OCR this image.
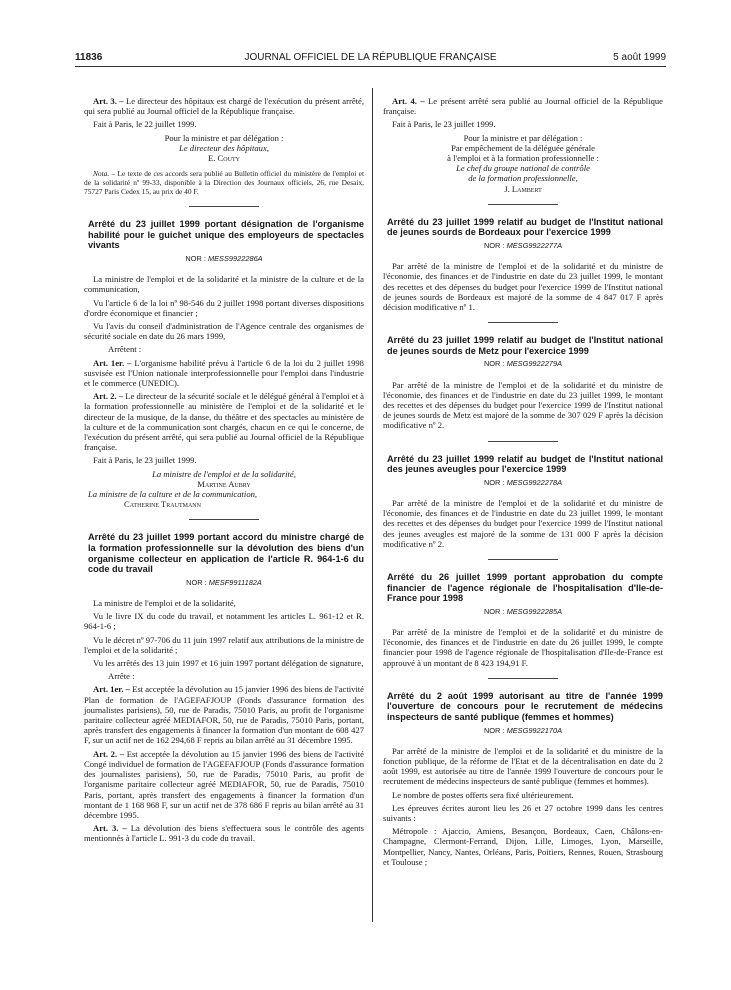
11836	JOURNAL OFFICIEL DE LA RÉPUBLIQUE FRANÇAISE	5 août 1999

Art. 3. – Le directeur des hôpitaux est chargé de l'exécution du présent arrêté, qui sera publié au Journal officiel de la République française.

Fait à Paris, le 22 juillet 1999.

Pour la ministre et par délégation :
Le directeur des hôpitaux,
E. Couty

Nota. – Le texte de ces accords sera publié au Bulletin officiel du ministère de l'emploi et de la solidarité nº 99-33, disponible à la Direction des Journaux officiels, 26, rue Desaix, 75727 Paris Cedex 15, au prix de 40 F.

Arrêté du 23 juillet 1999 portant désignation de l'organisme habilité pour le guichet unique des employeurs de spectacles vivants
NOR : MESS9922286A

La ministre de l'emploi et de la solidarité et la ministre de la culture et de la communication,

Vu l'article 6 de la loi nº 98-546 du 2 juillet 1998 portant diverses dispositions d'ordre économique et financier ;

Vu l'avis du conseil d'administration de l'Agence centrale des organismes de sécurité sociale en date du 26 mars 1999,

Arrêtent :

Art. 1er. – L'organisme habilité prévu à l'article 6 de la loi du 2 juillet 1998 susvisée est l'Union nationale interprofessionnelle pour l'emploi dans l'industrie et le commerce (UNEDIC).

Art. 2. – Le directeur de la sécurité sociale et le délégué général à l'emploi et à la formation professionnelle au ministère de l'emploi et de la solidarité et le directeur de la musique, de la danse, du théâtre et des spectacles au ministère de la culture et de la communication sont chargés, chacun en ce qui le concerne, de l'exécution du présent arrêté, qui sera publié au Journal officiel de la République française.

Fait à Paris, le 23 juillet 1999.

La ministre de l'emploi et de la solidarité,
Martine Aubry
La ministre de la culture et de la communication,
Catherine Trautmann
Arrêté du 23 juillet 1999 portant accord du ministre chargé de la formation professionnelle sur la dévolution des biens d'un organisme collecteur en application de l'article R. 964-1-6 du code du travail
NOR : MESF9911182A

La ministre de l'emploi et de la solidarité,

Vu le livre IX du code du travail, et notamment les articles L. 961-12 et R. 964-1-6 ;

Vu le décret nº 97-706 du 11 juin 1997 relatif aux attributions de la ministre de l'emploi et de la solidarité ;

Vu les arrêtés des 13 juin 1997 et 16 juin 1997 portant délégation de signature,

Arrête :

Art. 1er. – Est acceptée la dévolution au 15 janvier 1996 des biens de l'activité Plan de formation de l'AGEFAFJOUP (Fonds d'assurance formation des journalistes parisiens), 50, rue de Paradis, 75010 Paris, au profit de l'organisme paritaire collecteur agréé MEDIAFOR, 50, rue de Paradis, 75010 Paris, portant, après transfert des engagements à financer la formation d'un montant de 608 427 F, sur un actif net de 162 294,68 F repris au bilan arrêté au 31 décembre 1995.

Art. 2. – Est acceptée la dévolution au 15 janvier 1996 des biens de l'activité Congé individuel de formation de l'AGEFAFJOUP (Fonds d'assurance formation des journalistes parisiens), 50, rue de Paradis, 75010 Paris, au profit de l'organisme paritaire collecteur agréé MEDIAFOR, 50, rue de Paradis, 75010 Paris, portant, après transfert des engagements à financer la formation d'un montant de 1 168 968 F, sur un actif net de 378 686 F repris au bilan arrêté au 31 décembre 1995.

Art. 3. – La dévolution des biens s'effectuera sous le contrôle des agents mentionnés à l'article L. 991-3 du code du travail.

Art. 4. – Le présent arrêté sera publié au Journal officiel de la République française.

Fait à Paris, le 23 juillet 1999.

Pour la ministre et par délégation :
Par empêchement de la déléguée générale
à l'emploi et à la formation professionnelle :
Le chef du groupe national de contrôle
de la formation professionnelle,
J. Lambert
Arrêté du 23 juillet 1999 relatif au budget de l'Institut national de jeunes sourds de Bordeaux pour l'exercice 1999
NOR : MESG9922277A

Par arrêté de la ministre de l'emploi et de la solidarité et du ministre de l'économie, des finances et de l'industrie en date du 23 juillet 1999, le montant des recettes et des dépenses du budget pour l'exercice 1999 de l'Institut national de jeunes sourds de Bordeaux est majoré de la somme de 4 847 017 F après décision modificative nº 1.

Arrêté du 23 juillet 1999 relatif au budget de l'Institut national de jeunes sourds de Metz pour l'exercice 1999
NOR : MESG9922279A

Par arrêté de la ministre de l'emploi et de la solidarité et du ministre de l'économie, des finances et de l'industrie en date du 23 juillet 1999, le montant des recettes et des dépenses du budget pour l'exercice 1999 de l'Institut national de jeunes sourds de Metz est majoré de la somme de 307 029 F après la décision modificative nº 2.

Arrêté du 23 juillet 1999 relatif au budget de l'Institut national des jeunes aveugles pour l'exercice 1999
NOR : MESG9922278A

Par arrêté de la ministre de l'emploi et de la solidarité et du ministre de l'économie, des finances et de l'industrie en date du 23 juillet 1999, le montant des recettes et des dépenses du budget pour l'exercice 1999 de l'Institut national des jeunes aveugles est majoré de la somme de 131 000 F après la décision modificative nº 2.

Arrêté du 26 juillet 1999 portant approbation du compte financier de l'agence régionale de l'hospitalisation d'Ile-de-France pour 1998
NOR : MESG9922285A

Par arrêté de la ministre de l'emploi et de la solidarité et du ministre de l'économie, des finances et de l'industrie en date du 26 juillet 1999, le compte financier pour 1998 de l'agence régionale de l'hospitalisation d'Ile-de-France est approuvé à un montant de 8 423 194,91 F.

Arrêté du 2 août 1999 autorisant au titre de l'année 1999 l'ouverture de concours pour le recrutement de médecins inspecteurs de santé publique (femmes et hommes)
NOR : MESG9922170A

Par arrêté de la ministre de l'emploi et de la solidarité et du ministre de la fonction publique, de la réforme de l'Etat et de la décentralisation en date du 2 août 1999, est autorisée au titre de l'année 1999 l'ouverture de concours pour le recrutement de médecins inspecteurs de santé publique (femmes et hommes).

Le nombre de postes offerts sera fixé ultérieurement.

Les épreuves écrites auront lieu les 26 et 27 octobre 1999 dans les centres suivants :

Métropole : Ajaccio, Amiens, Besançon, Bordeaux, Caen, Châlons-en-Champagne, Clermont-Ferrand, Dijon, Lille, Limoges, Lyon, Marseille, Montpellier, Nancy, Nantes, Orléans, Paris, Poitiers, Rennes, Rouen, Strasbourg et Toulouse ;
